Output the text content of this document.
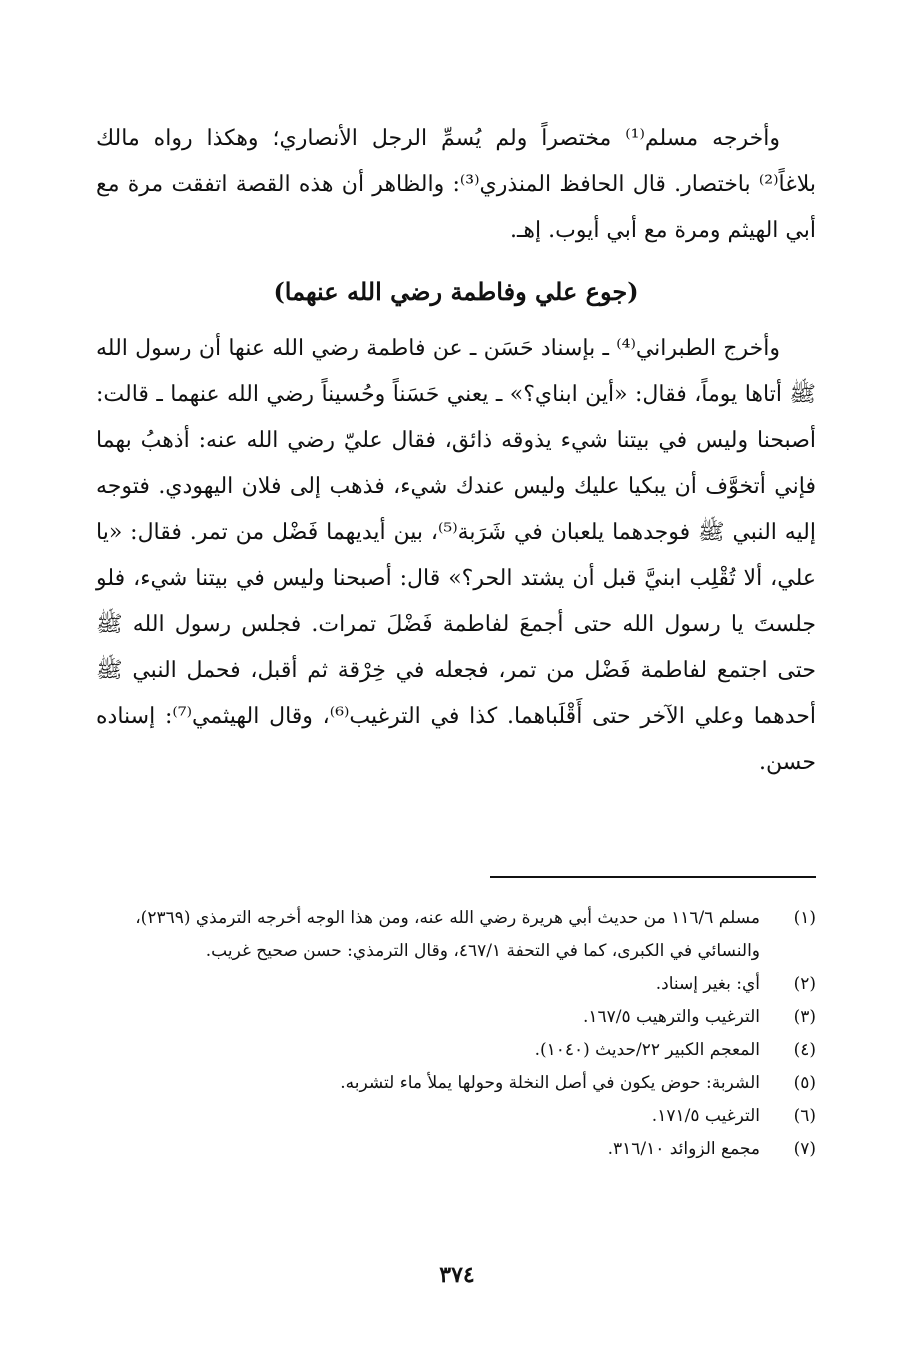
وأخرجه مسلم⁽¹⁾ مختصراً ولم يُسمِّ الرجل الأنصاري؛ وهكذا رواه مالك بلاغاً⁽²⁾ باختصار. قال الحافظ المنذري⁽³⁾: والظاهر أن هذه القصة اتفقت مرة مع أبي الهيثم ومرة مع أبي أيوب. إهـ.

(جوع علي وفاطمة رضي الله عنهما)

وأخرج الطبراني⁽⁴⁾ ـ بإسناد حَسَن ـ عن فاطمة رضي الله عنها أن رسول الله ﷺ أتاها يوماً، فقال: «أين ابناي؟» ـ يعني حَسَناً وحُسيناً رضي الله عنهما ـ قالت: أصبحنا وليس في بيتنا شيء يذوقه ذائق، فقال عليّ رضي الله عنه: أذهبُ بهما فإني أتخوَّف أن يبكيا عليك وليس عندك شيء، فذهب إلى فلان اليهودي. فتوجه إليه النبي ﷺ فوجدهما يلعبان في شَرَبة⁽⁵⁾، بين أيديهما فَضْل من تمر. فقال: «يا علي، ألا تُقْلِب ابنيَّ قبل أن يشتد الحر؟» قال: أصبحنا وليس في بيتنا شيء، فلو جلستَ يا رسول الله حتى أجمعَ لفاطمة فَضْلَ تمرات. فجلس رسول الله ﷺ حتى اجتمع لفاطمة فَضْل من تمر، فجعله في خِرْقة ثم أقبل، فحمل النبي ﷺ أحدهما وعلي الآخر حتى أَقْلَباهما. كذا في الترغيب⁽⁶⁾، وقال الهيثمي⁽⁷⁾: إسناده حسن.

(١)
مسلم ١١٦/٦ من حديث أبي هريرة رضي الله عنه، ومن هذا الوجه أخرجه الترمذي (٢٣٦٩)، والنسائي في الكبرى، كما في التحفة ٤٦٧/١، وقال الترمذي: حسن صحيح غريب.
(٢)
أي: بغير إسناد.
(٣)
الترغيب والترهيب ١٦٧/٥.
(٤)
المعجم الكبير ٢٢/حديث (١٠٤٠).
(٥)
الشربة: حوض يكون في أصل النخلة وحولها يملأ ماء لتشربه.
(٦)
الترغيب ١٧١/٥.
(٧)
مجمع الزوائد ٣١٦/١٠.
٣٧٤
